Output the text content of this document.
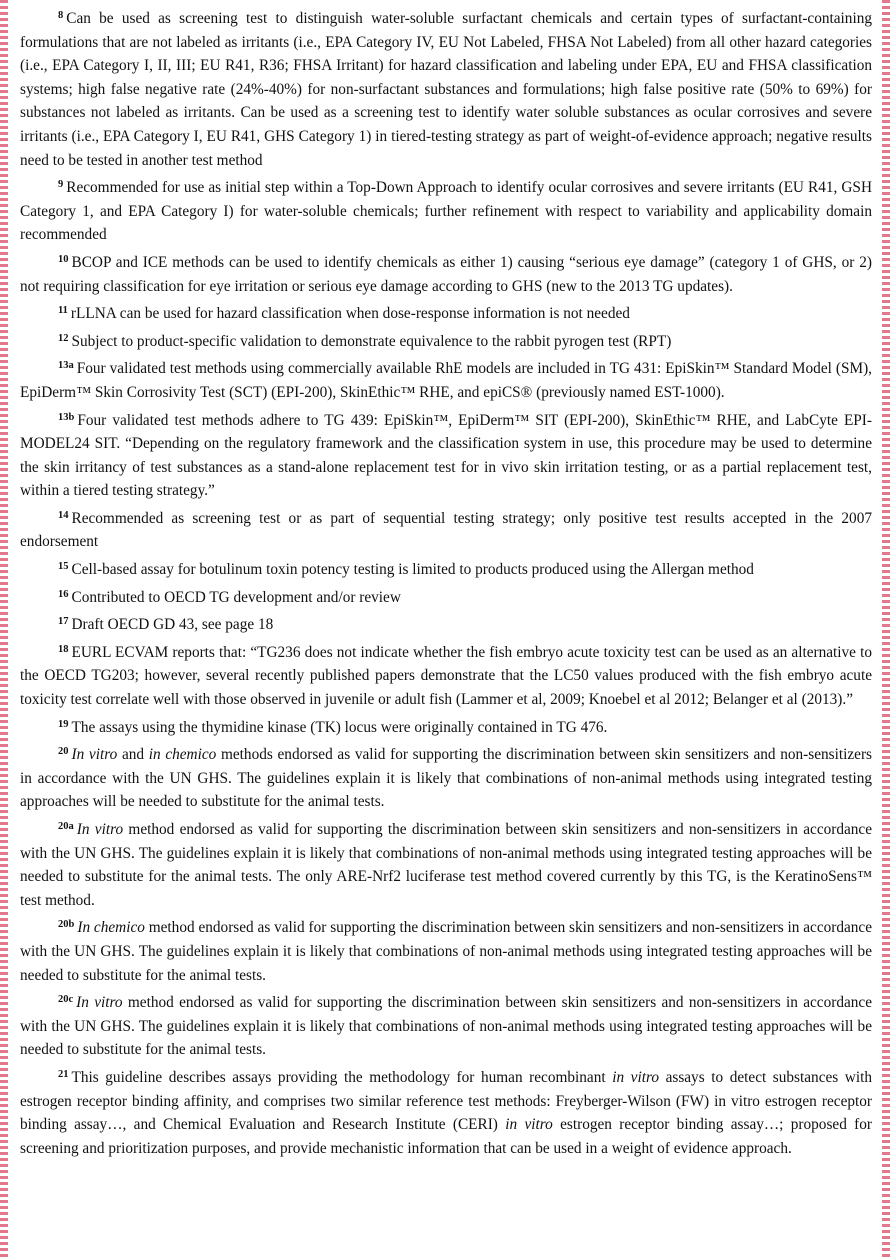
$^8$ Can be used as screening test to distinguish water-soluble surfactant chemicals and certain types of surfactant-containing formulations that are not labeled as irritants (i.e., EPA Category IV, EU Not Labeled, FHSA Not Labeled) from all other hazard categories (i.e., EPA Category I, II, III; EU R41, R36; FHSA Irritant) for hazard classification and labeling under EPA, EU and FHSA classification systems; high false negative rate (24%-40%) for non-surfactant substances and formulations; high false positive rate (50% to 69%) for substances not labeled as irritants. Can be used as a screening test to identify water soluble substances as ocular corrosives and severe irritants (i.e., EPA Category I, EU R41, GHS Category 1) in tiered-testing strategy as part of weight-of-evidence approach; negative results need to be tested in another test method

$^9$ Recommended for use as initial step within a Top-Down Approach to identify ocular corrosives and severe irritants (EU R41, GSH Category 1, and EPA Category I) for water-soluble chemicals; further refinement with respect to variability and applicability domain recommended

$^{10}$ BCOP and ICE methods can be used to identify chemicals as either 1) causing “serious eye damage” (category 1 of GHS, or 2) not requiring classification for eye irritation or serious eye damage according to GHS (new to the 2013 TG updates).

$^{11}$ rLLNA can be used for hazard classification when dose-response information is not needed

$^{12}$ Subject to product-specific validation to demonstrate equivalence to the rabbit pyrogen test (RPT)

$^{13a}$ Four validated test methods using commercially available RhE models are included in TG 431: EpiSkin™ Standard Model (SM), EpiDerm™ Skin Corrosivity Test (SCT) (EPI-200), SkinEthic™ RHE, and epiCS® (previously named EST-1000).

$^{13b}$ Four validated test methods adhere to TG 439: EpiSkin™, EpiDerm™ SIT (EPI-200), SkinEthic™ RHE, and LabCyte EPI-MODEL24 SIT. “Depending on the regulatory framework and the classification system in use, this procedure may be used to determine the skin irritancy of test substances as a stand-alone replacement test for in vivo skin irritation testing, or as a partial replacement test, within a tiered testing strategy.”

$^{14}$ Recommended as screening test or as part of sequential testing strategy; only positive test results accepted in the 2007 endorsement

$^{15}$ Cell-based assay for botulinum toxin potency testing is limited to products produced using the Allergan method

$^{16}$ Contributed to OECD TG development and/or review

$^{17}$ Draft OECD GD 43, see page 18

$^{18}$ EURL ECVAM reports that: “TG236 does not indicate whether the fish embryo acute toxicity test can be used as an alternative to the OECD TG203; however, several recently published papers demonstrate that the LC50 values produced with the fish embryo acute toxicity test correlate well with those observed in juvenile or adult fish (Lammer et al, 2009; Knoebel et al 2012; Belanger et al (2013).”

$^{19}$ The assays using the thymidine kinase (TK) locus were originally contained in TG 476.

$^{20}$ In vitro and in chemico methods endorsed as valid for supporting the discrimination between skin sensitizers and non-sensitizers in accordance with the UN GHS. The guidelines explain it is likely that combinations of non-animal methods using integrated testing approaches will be needed to substitute for the animal tests.

$^{20a}$ In vitro method endorsed as valid for supporting the discrimination between skin sensitizers and non-sensitizers in accordance with the UN GHS. The guidelines explain it is likely that combinations of non-animal methods using integrated testing approaches will be needed to substitute for the animal tests. The only ARE-Nrf2 luciferase test method covered currently by this TG, is the KeratinoSens™ test method.

$^{20b}$ In chemico method endorsed as valid for supporting the discrimination between skin sensitizers and non-sensitizers in accordance with the UN GHS. The guidelines explain it is likely that combinations of non-animal methods using integrated testing approaches will be needed to substitute for the animal tests.

$^{20c}$ In vitro method endorsed as valid for supporting the discrimination between skin sensitizers and non-sensitizers in accordance with the UN GHS. The guidelines explain it is likely that combinations of non-animal methods using integrated testing approaches will be needed to substitute for the animal tests.

$^{21}$ This guideline describes assays providing the methodology for human recombinant in vitro assays to detect substances with estrogen receptor binding affinity, and comprises two similar reference test methods: Freyberger-Wilson (FW) in vitro estrogen receptor binding assay…, and Chemical Evaluation and Research Institute (CERI) in vitro estrogen receptor binding assay…; proposed for screening and prioritization purposes, and provide mechanistic information that can be used in a weight of evidence approach.
